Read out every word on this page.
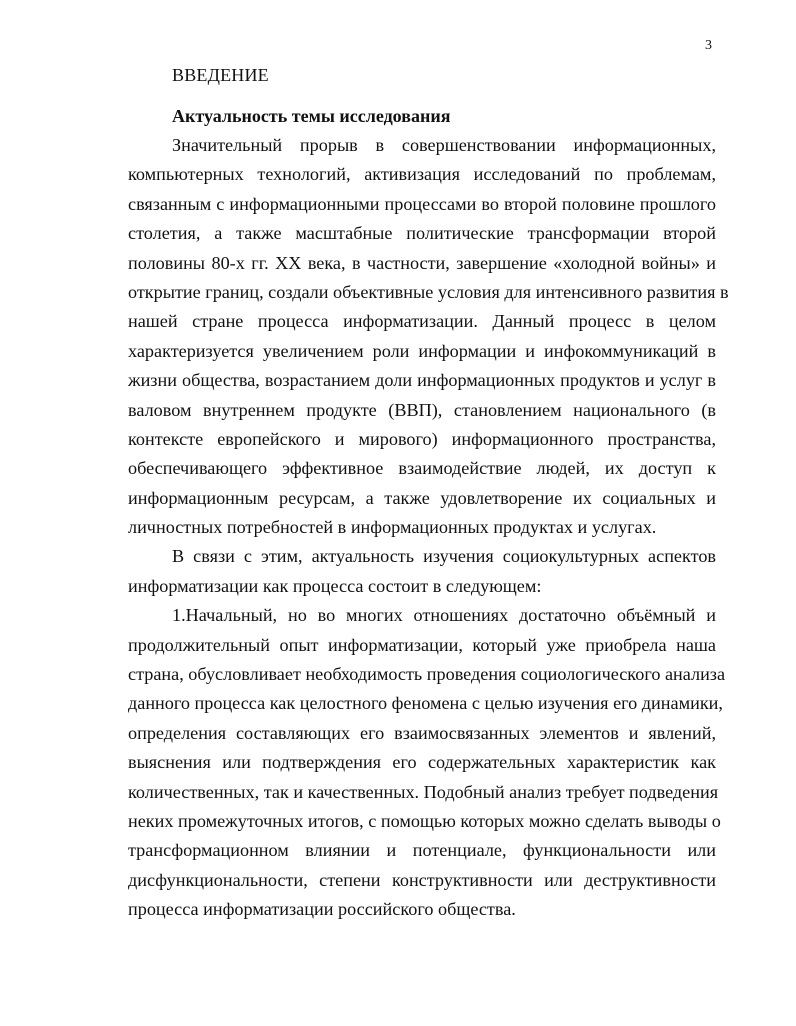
3
ВВЕДЕНИЕ
Актуальность темы исследования
Значительный прорыв в совершенствовании информационных,
компьютерных технологий, активизация исследований по проблемам,
связанным с информационными процессами во второй половине прошлого
столетия, а также масштабные политические трансформации второй
половины 80-х гг. XX века, в частности, завершение «холодной войны» и
открытие границ, создали объективные условия для интенсивного развития в
нашей стране процесса информатизации. Данный процесс в целом
характеризуется увеличением роли информации и инфокоммуникаций в
жизни общества, возрастанием доли информационных продуктов и услуг в
валовом внутреннем продукте (ВВП), становлением национального (в
контексте европейского и мирового) информационного пространства,
обеспечивающего эффективное взаимодействие людей, их доступ к
информационным ресурсам, а также удовлетворение их социальных и
личностных потребностей в информационных продуктах и услугах.
В связи с этим, актуальность изучения социокультурных аспектов
информатизации как процесса состоит в следующем:
1.Начальный, но во многих отношениях достаточно объёмный и
продолжительный опыт информатизации, который уже приобрела наша
страна, обусловливает необходимость проведения социологического анализа
данного процесса как целостного феномена с целью изучения его динамики,
определения составляющих его взаимосвязанных элементов и явлений,
выяснения или подтверждения его содержательных характеристик как
количественных, так и качественных. Подобный анализ требует подведения
неких промежуточных итогов, с помощью которых можно сделать выводы о
трансформационном влиянии и потенциале, функциональности или
дисфункциональности, степени конструктивности или деструктивности
процесса информатизации российского общества.
